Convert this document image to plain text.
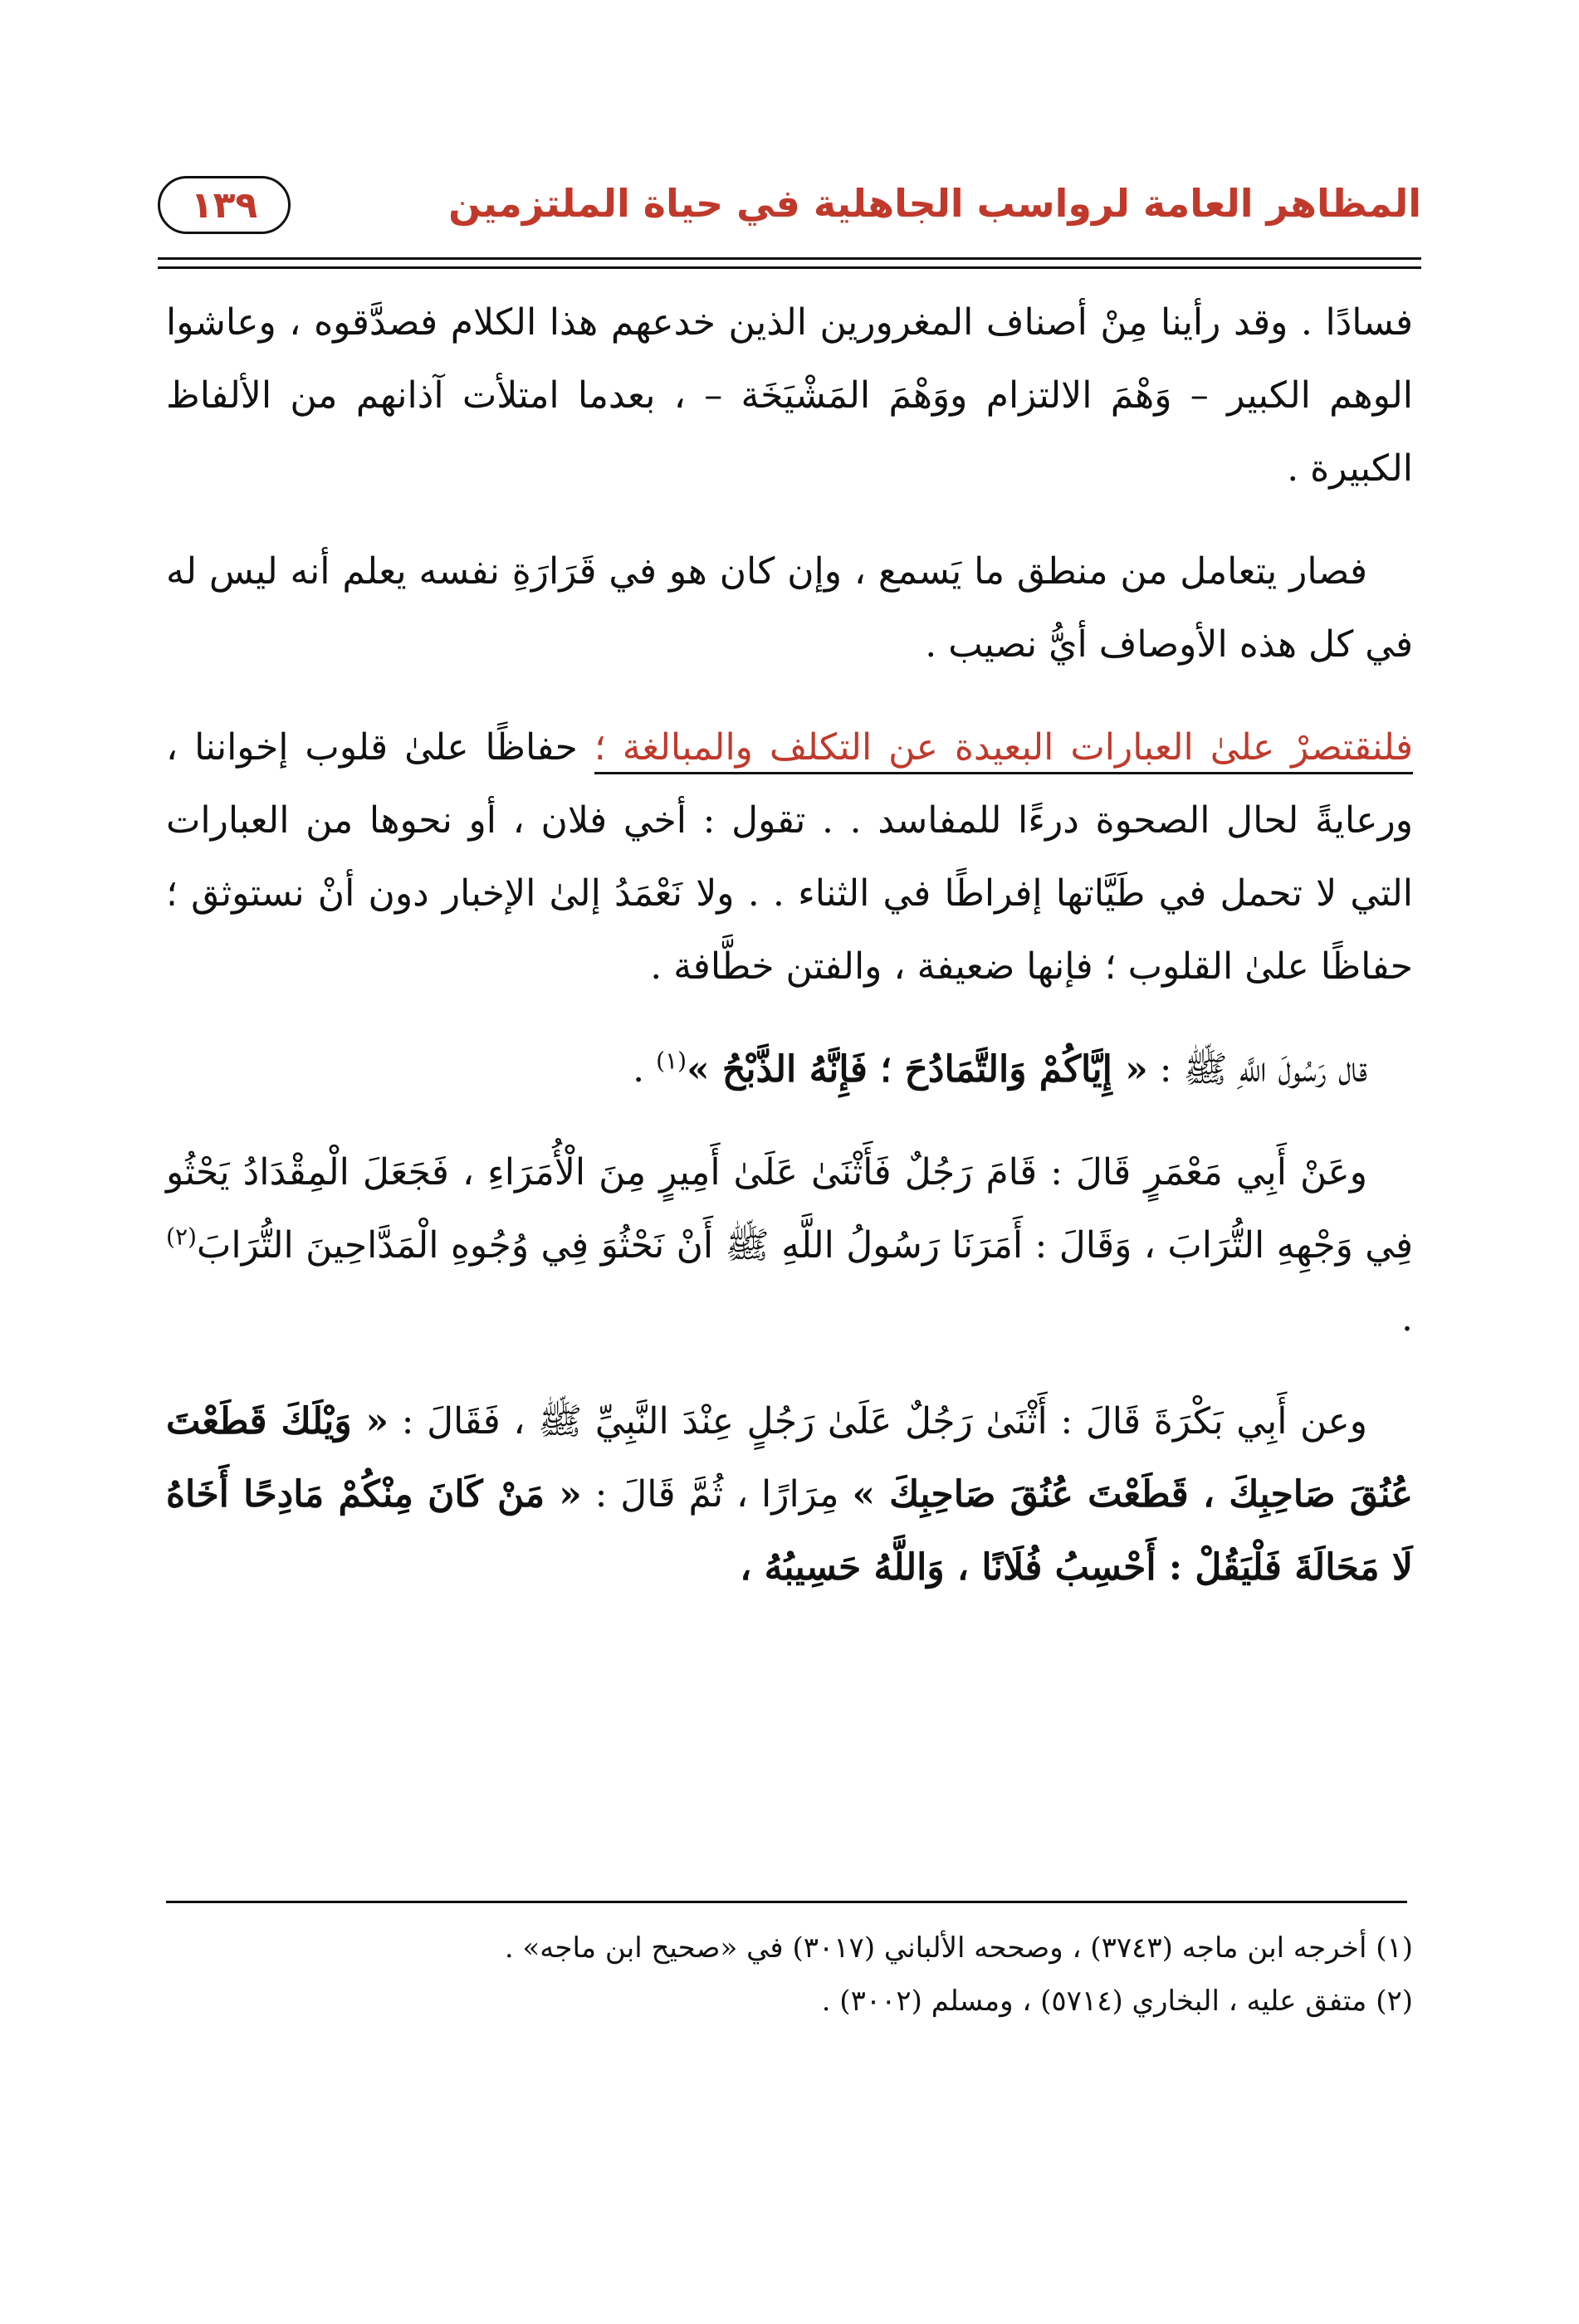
المظاهر العامة لرواسب الجاهلية في حياة الملتزمين
١٣٩

فسادًا . وقد رأينا مِنْ أصناف المغرورين الذين خدعهم هذا الكلام فصدَّقوه ، وعاشوا الوهم الكبير – وَهْمَ الالتزام ووَهْمَ المَشْيَخَة – ، بعدما امتلأت آذانهم من الألفاظ الكبيرة .

فصار يتعامل من منطق ما يَسمع ، وإن كان هو في قَرَارَةِ نفسه يعلم أنه ليس له في كل هذه الأوصاف أيُّ نصيب .

فلنقتصرْ علىٰ العبارات البعيدة عن التكلف والمبالغة ؛ حفاظًا علىٰ قلوب إخواننا ، ورعايةً لحال الصحوة درءًا للمفاسد . . تقول : أخي فلان ، أو نحوها من العبارات التي لا تحمل في طَيَّاتها إفراطًا في الثناء . . ولا نَعْمَدُ إلىٰ الإخبار دون أنْ نستوثق ؛ حفاظًا علىٰ القلوب ؛ فإنها ضعيفة ، والفتن خطَّافة .

قال رَسُولَ اللَّهِ ﷺ : « إِيَّاكُمْ وَالتَّمَادُحَ ؛ فَإِنَّهُ الذَّبْحُ »$^{(١)}$ .

وعَنْ أَبِي مَعْمَرٍ قَالَ : قَامَ رَجُلٌ فَأَثْنَىٰ عَلَىٰ أَمِيرٍ مِنَ الْأُمَرَاءِ ، فَجَعَلَ الْمِقْدَادُ يَحْثُو فِي وَجْهِهِ التُّرَابَ ، وَقَالَ : أَمَرَنَا رَسُولُ اللَّهِ ﷺ أَنْ نَحْثُوَ فِي وُجُوهِ الْمَدَّاحِينَ التُّرَابَ$^{(٢)}$ .

وعن أَبِي بَكْرَةَ قَالَ : أَثْنَىٰ رَجُلٌ عَلَىٰ رَجُلٍ عِنْدَ النَّبِيِّ ﷺ ، فَقَالَ : « وَيْلَكَ قَطَعْتَ عُنُقَ صَاحِبِكَ ، قَطَعْتَ عُنُقَ صَاحِبِكَ » مِرَارًا ، ثُمَّ قَالَ : « مَنْ كَانَ مِنْكُمْ مَادِحًا أَخَاهُ لَا مَحَالَةَ فَلْيَقُلْ : أَحْسِبُ فُلَانًا ، وَاللَّهُ حَسِيبُهُ ،

(١) أخرجه ابن ماجه (٣٧٤٣) ، وصححه الألباني (٣٠١٧) في «صحيح ابن ماجه» .

(٢) متفق عليه ، البخاري (٥٧١٤) ، ومسلم (٣٠٠٢) .
